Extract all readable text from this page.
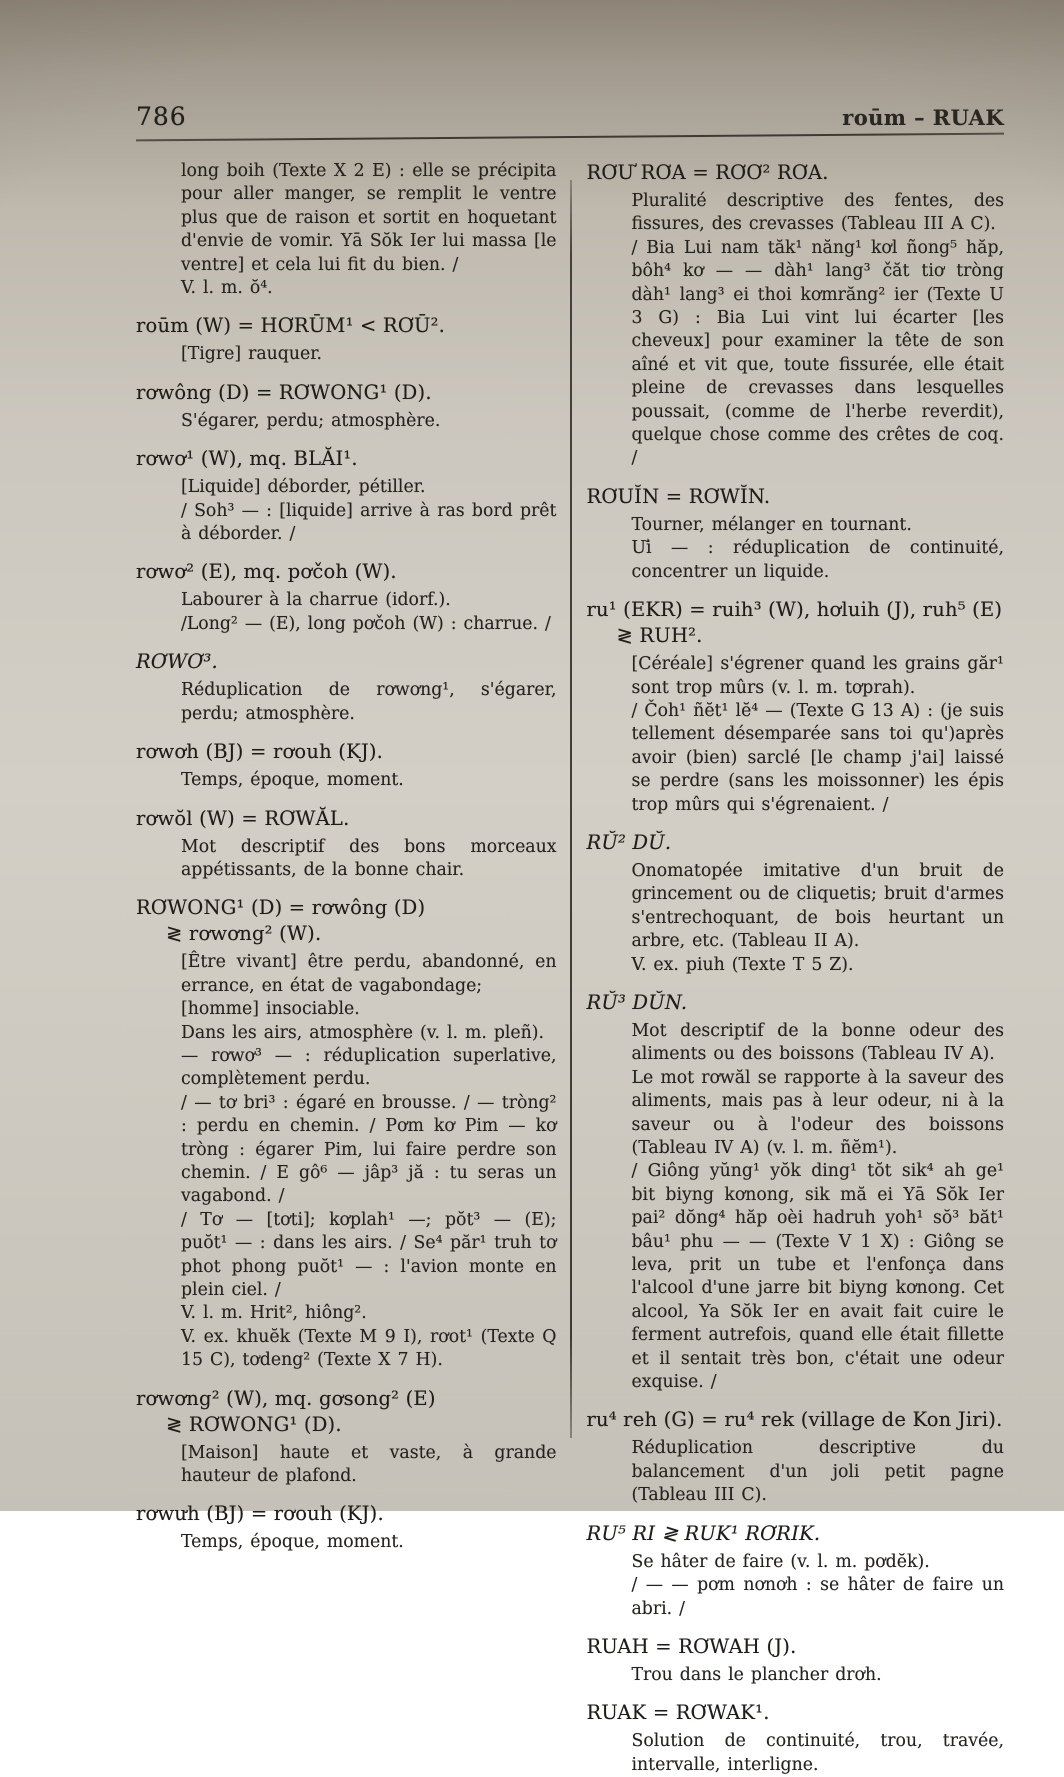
786	roūm – RUAK

long boih (Texte X 2 E) : elle se précipita pour aller manger, se remplit le ventre plus que de raison et sortit en hoquetant d'envie de vomir. Yā Sŏk Ier lui massa [le ventre] et cela lui fit du bien. /

V. l. m. ŏ⁴.

roūm (W) = HƠRŪM¹ < RƠŪ².

[Tigre] rauquer.

rơwông (D) = RƠWONG¹ (D).

S'égarer, perdu; atmosphère.

rơwơ¹ (W), mq. BLĂI¹.

[Liquide] déborder, pétiller.

/ Soh³ — : [liquide] arrive à ras bord prêt à déborder. /

rơwơ² (E), mq. pơčoh (W).

Labourer à la charrue (idorf.).

/Long² — (E), long pơčoh (W) : charrue. /

RƠWƠ³.

Réduplication de rơwơng¹, s'égarer, perdu; atmosphère.

rơwơh (BJ) = rơouh (KJ).

Temps, époque, moment.

rơwŏl (W) = RƠWĂL.

Mot descriptif des bons morceaux appétissants, de la bonne chair.

RƠWONG¹ (D) = rơwông (D)
≷ rơwơng² (W).

[Être vivant] être perdu, abandonné, en errance, en état de vagabondage;

[homme] insociable.

Dans les airs, atmosphère (v. l. m. pleñ).

— rơwơ³ — : réduplication superlative, complètement perdu.

/ — tơ bri³ : égaré en brousse. / — tròng² : perdu en chemin. / Pơm kơ Pim — kơ tròng : égarer Pim, lui faire perdre son chemin. / E gô⁶ — jâp³ jă : tu seras un vagabond. /

/ Tơ — [tơti]; kơplah¹ —; pŏt³ — (E); puŏt¹ — : dans les airs. / Se⁴ păr¹ truh tơ phot phong puŏt¹ — : l'avion monte en plein ciel. /

V. l. m. Hrit², hiông².

V. ex. khuĕk (Texte M 9 I), rơot¹ (Texte Q 15 C), tơdeng² (Texte X 7 H).

rơwơng² (W), mq. gơsong² (E)
≷ RƠWONG¹ (D).

[Maison] haute et vaste, à grande hauteur de plafond.

rơwưh (BJ) = rơouh (KJ).

Temps, époque, moment.

RƠƯ RƠA = RƠƠ² RƠA.

Pluralité descriptive des fentes, des fissures, des crevasses (Tableau III A C).

/ Bia Lui nam tăk¹ năng¹ kơl ñong⁵ hăp, bôh⁴ kơ — — dàh¹ lang³ čăt tiơ tròng dàh¹ lang³ ei thoi kơmrăng² ier (Texte U 3 G) : Bia Lui vint lui écarter [les cheveux] pour examiner la tête de son aîné et vit que, toute fissurée, elle était pleine de crevasses dans lesquelles poussait, (comme de l'herbe reverdit), quelque chose comme des crêtes de coq. /

RƠUĬN = RƠWĬN.

Tourner, mélanger en tournant.

Ưi — : réduplication de continuité, concentrer un liquide.

ru¹ (EKR) = ruih³ (W), hơluih (J), ruh⁵ (E)
≷ RUH².

[Céréale] s'égrener quand les grains găr¹ sont trop mûrs (v. l. m. tơprah).

/ Čoh¹ ñĕt¹ lĕ⁴ — (Texte G 13 A) : (je suis tellement désemparée sans toi qu')après avoir (bien) sarclé [le champ j'ai] laissé se perdre (sans les moissonner) les épis trop mûrs qui s'égrenaient. /

RŬ² DŬ.

Onomatopée imitative d'un bruit de grincement ou de cliquetis; bruit d'armes s'entrechoquant, de bois heurtant un arbre, etc. (Tableau II A).

V. ex. piuh (Texte T 5 Z).

RŬ³ DŬN.

Mot descriptif de la bonne odeur des aliments ou des boissons (Tableau IV A).

Le mot rơwăl se rapporte à la saveur des aliments, mais pas à leur odeur, ni à la saveur ou à l'odeur des boissons (Tableau IV A) (v. l. m. ñĕm¹).

/ Giông yŭng¹ yŏk ding¹ tŏt sik⁴ ah ge¹ bit biyng kơnong, sik mă ei Yā Sŏk Ier pai² dŏng⁴ hăp oèi hadruh yoh¹ sŏ³ băt¹ bâu¹ phu — — (Texte V 1 X) : Giông se leva, prit un tube et l'enfonça dans l'alcool d'une jarre bit biyng kơnong. Cet alcool, Ya Sŏk Ier en avait fait cuire le ferment autrefois, quand elle était fillette et il sentait très bon, c'était une odeur exquise. /

ru⁴ reh (G) = ru⁴ rek (village de Kon Jiri).

Réduplication descriptive du balancement d'un joli petit pagne (Tableau III C).

RU⁵ RI ≷ RUK¹ RƠRIK.

Se hâter de faire (v. l. m. pơdĕk).

/ — — pơm nơnơh : se hâter de faire un abri. /

RUAH = RƠWAH (J).

Trou dans le plancher drơh.

RUAK = RƠWAK¹.

Solution de continuité, trou, travée, intervalle, interligne.
